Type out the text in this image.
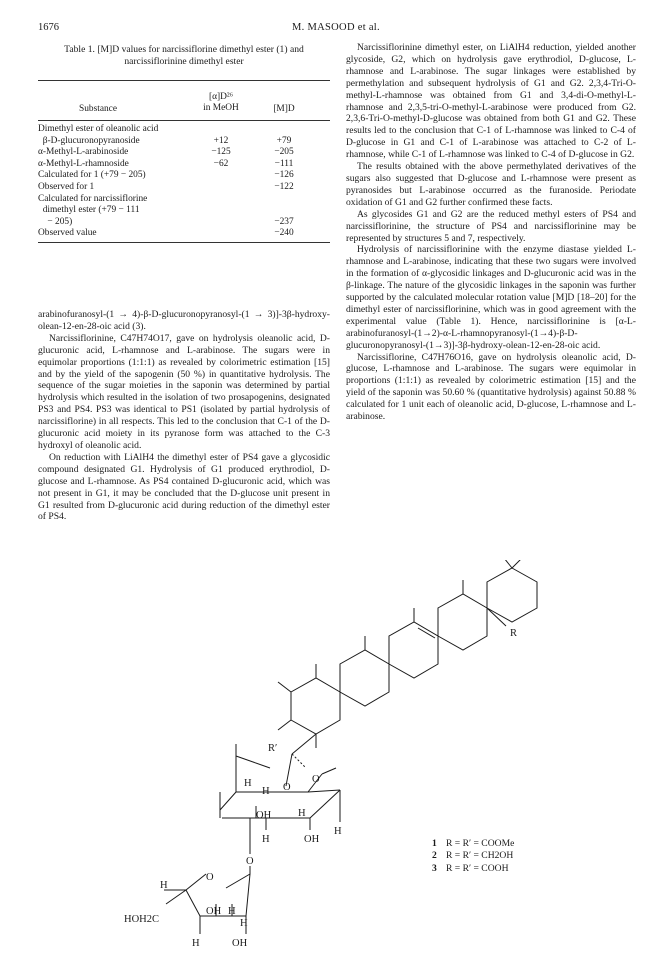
1676	M. MASOOD et al.
Table 1. [M]D values for narcissiflorine dimethyl ester (1) and
narcissiflorinine dimethyl ester
Substance
[α]D²⁶
in MeOH	[M]D
Dimethyl ester of oleanolic acid
β-D-glucuronopyranoside	+12	+79
α-Methyl-L-arabinoside	−125	−205
α-Methyl-L-rhamnoside	−62	−111
Calculated for 1 (+79 − 205)	−126
Observed for 1	−122
Calculated for narcissiflorine
dimethyl ester (+79 − 111
− 205)	−237
Observed value	−240

arabinofuranosyl-(1 → 4)-β-D-glucuronopyranosyl-(1 → 3)]-3β-hydroxy-olean-12-en-28-oic acid (3).

Narcissiflorinine, C47H74O17, gave on hydrolysis oleanolic acid, D-glucuronic acid, L-rhamnose and L-arabinose. The sugars were in equimolar proportions (1:1:1) as revealed by colorimetric estimation [15] and by the yield of the sapogenin (50 %) in quantitative hydrolysis. The sequence of the sugar moieties in the saponin was determined by partial hydrolysis which resulted in the isolation of two prosapogenins, designated PS3 and PS4. PS3 was identical to PS1 (isolated by partial hydrolysis of narcissiflorine) in all respects. This led to the conclusion that C-1 of the D-glucuronic acid moiety in its pyranose form was attached to the C-3 hydroxyl of oleanolic acid.

On reduction with LiAlH4 the dimethyl ester of PS4 gave a glycosidic compound designated G1. Hydrolysis of G1 produced erythrodiol, D-glucose and L-rhamnose. As PS4 contained D-glucuronic acid, which was not present in G1, it may be concluded that the D-glucose unit present in G1 resulted from D-glucuronic acid during reduction of the dimethyl ester of PS4.

Narcissiflorinine dimethyl ester, on LiAlH4 reduction, yielded another glycoside, G2, which on hydrolysis gave erythrodiol, D-glucose, L-rhamnose and L-arabinose. The sugar linkages were established by permethylation and subsequent hydrolysis of G1 and G2. 2,3,4-Tri-O-methyl-L-rhamnose was obtained from G1 and 3,4-di-O-methyl-L-rhamnose and 2,3,5-tri-O-methyl-L-arabinose were produced from G2. 2,3,6-Tri-O-methyl-D-glucose was obtained from both G1 and G2. These results led to the conclusion that C-1 of L-rhamnose was linked to C-4 of D-glucose in G1 and C-1 of L-arabinose was attached to C-2 of L-rhamnose, while C-1 of L-rhamnose was linked to C-4 of D-glucose in G2.

The results obtained with the above permethylated derivatives of the sugars also suggested that D-glucose and L-rhamnose were present as pyranosides but L-arabinose occurred as the furanoside. Periodate oxidation of G1 and G2 further confirmed these facts.

As glycosides G1 and G2 are the reduced methyl esters of PS4 and narcissiflorinine, the structure of PS4 and narcissiflorinine may be represented by structures 5 and 7, respectively.

Hydrolysis of narcissiflorinine with the enzyme diastase yielded L-rhamnose and L-arabinose, indicating that these two sugars were involved in the formation of α-glycosidic linkages and D-glucuronic acid was in the β-linkage. The nature of the glycosidic linkages in the saponin was further supported by the calculated molecular rotation value [M]D [18–20] for the dimethyl ester of narcissiflorinine, which was in good agreement with the experimental value (Table 1). Hence, narcissiflorinine is [α-L-arabinofuranosyl-(1→2)-α-L-rhamnopyranosyl-(1→4)-β-D-glucuronopyranosyl-(1→3)]-3β-hydroxy-olean-12-en-28-oic acid.

Narcissiflorine, C47H76O16, gave on hydrolysis oleanolic acid, D-glucose, L-rhamnose and L-arabinose. The sugars were equimolar in proportions (1:1:1) as revealed by colorimetric estimation [15] and the yield of the saponin was 50.60 % (quantitative hydrolysis) against 50.88 % calculated for 1 unit each of oleanolic acid, D-glucose, L-rhamnose and L-arabinose.

R
O
R′
O
H
H
OH	H
H
H	OH
O
H
O
OH H
H
HOH2C
H	OH
1 R = R′ = COOMe
2 R = R′ = CH2OH
3 R = R′ = COOH
